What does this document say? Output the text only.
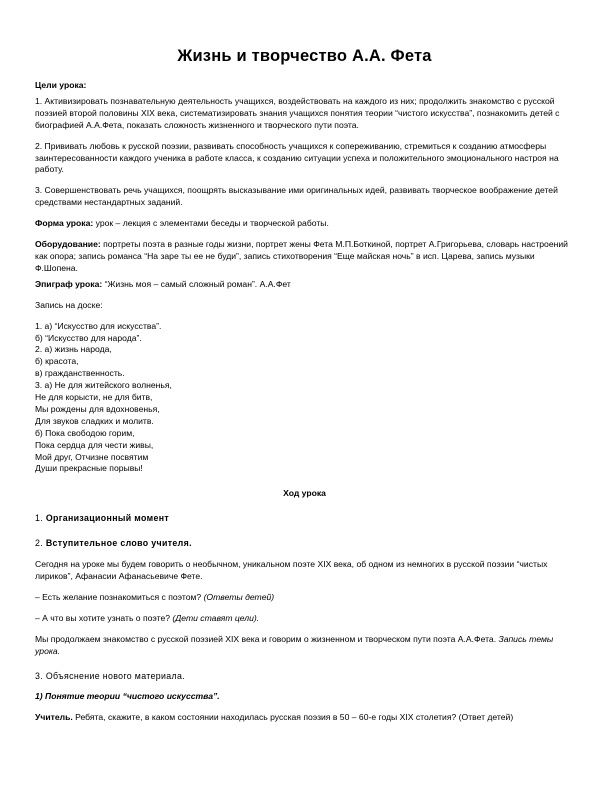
Жизнь и творчество А.А. Фета

Цели урока:

1. Активизировать познавательную деятельность учащихся, воздействовать на каждого из них; продолжить знакомство с русской поэзией второй половины XIX века, систематизировать знания учащихся понятия теории “чистого искусства”, познакомить детей с биографией А.А.Фета, показать сложность жизненного и творческого пути поэта.

2. Прививать любовь к русской поэзии, развивать способность учащихся к сопереживанию, стремиться к созданию атмосферы заинтересованности каждого ученика в работе класса, к созданию ситуации успеха и положительного эмоционального настроя на работу.

3. Совершенствовать речь учащихся, поощрять высказывание ими оригинальных идей, развивать творческое воображение детей средствами нестандартных заданий.

Форма урока: урок – лекция с элементами беседы и творческой работы.

Оборудование: портреты поэта в разные годы жизни, портрет жены Фета М.П.Боткиной, портрет А.Григорьева, словарь настроений как опора; запись романса “На заре ты ее не буди”, запись стихотворения “Еще майская ночь” в исп. Царева, запись музыки Ф.Шопена.

Эпиграф урока: “Жизнь моя – самый сложный роман”. А.А.Фет

Запись на доске:

1. а) “Искусство для искусства”.
б) “Искусство для народа”.
2. а) жизнь народа,
б) красота,
в) гражданственность.
3. а) Не для житейского волненья,
Не для корысти, не для битв,
Мы рождены для вдохновенья,
Для звуков сладких и молитв.
б) Пока свободою горим,
Пока сердца для чести живы,
Мой друг, Отчизне посвятим
Души прекрасные порывы!

Ход урока

1. Организационный момент

2. Вступительное слово учителя.

Сегодня на уроке мы будем говорить о необычном, уникальном поэте XIX века, об одном из немногих в русской поэзии “чистых лириков”, Афанасии Афанасьевиче Фете.

– Есть желание познакомиться с поэтом? (Ответы детей)

– А что вы хотите узнать о поэте? (Дети ставят цели).

Мы продолжаем знакомство с русской поэзией XIX века и говорим о жизненном и творческом пути поэта А.А.Фета. Запись темы урока.

3. Объяснение нового материала.

1) Понятие теории “чистого искусства”.

Учитель. Ребята, скажите, в каком состоянии находилась русская поэзия в 50 – 60-е годы XIX столетия? (Ответ детей)
